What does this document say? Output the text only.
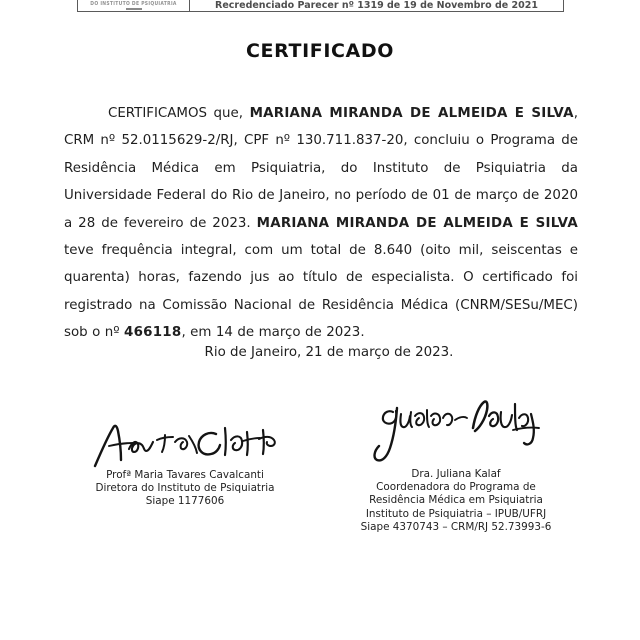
DO INSTITUTO DE PSIQUIATRIA	Recredenciado Parecer nº 1319 de 19 de Novembro de 2021
CERTIFICADO

CERTIFICAMOS que, MARIANA MIRANDA DE ALMEIDA E SILVA, CRM nº 52.0115629-2/RJ, CPF nº 130.711.837-20, concluiu o Programa de Residência Médica em Psiquiatria, do Instituto de Psiquiatria da Universidade Federal do Rio de Janeiro, no período de 01 de março de 2020 a 28 de fevereiro de 2023. MARIANA MIRANDA DE ALMEIDA E SILVA teve frequência integral, com um total de 8.640 (oito mil, seiscentas e quarenta) horas, fazendo jus ao título de especialista. O certificado foi registrado na Comissão Nacional de Residência Médica (CNRM/SESu/MEC) sob o nº 466118, em 14 de março de 2023.

Rio de Janeiro, 21 de março de 2023.
Profª Maria Tavares Cavalcanti
Diretora do Instituto de Psiquiatria
Siape 1177606
Dra. Juliana Kalaf
Coordenadora do Programa de
Residência Médica em Psiquiatria
Instituto de Psiquiatria – IPUB/UFRJ
Siape 4370743 – CRM/RJ 52.73993-6
